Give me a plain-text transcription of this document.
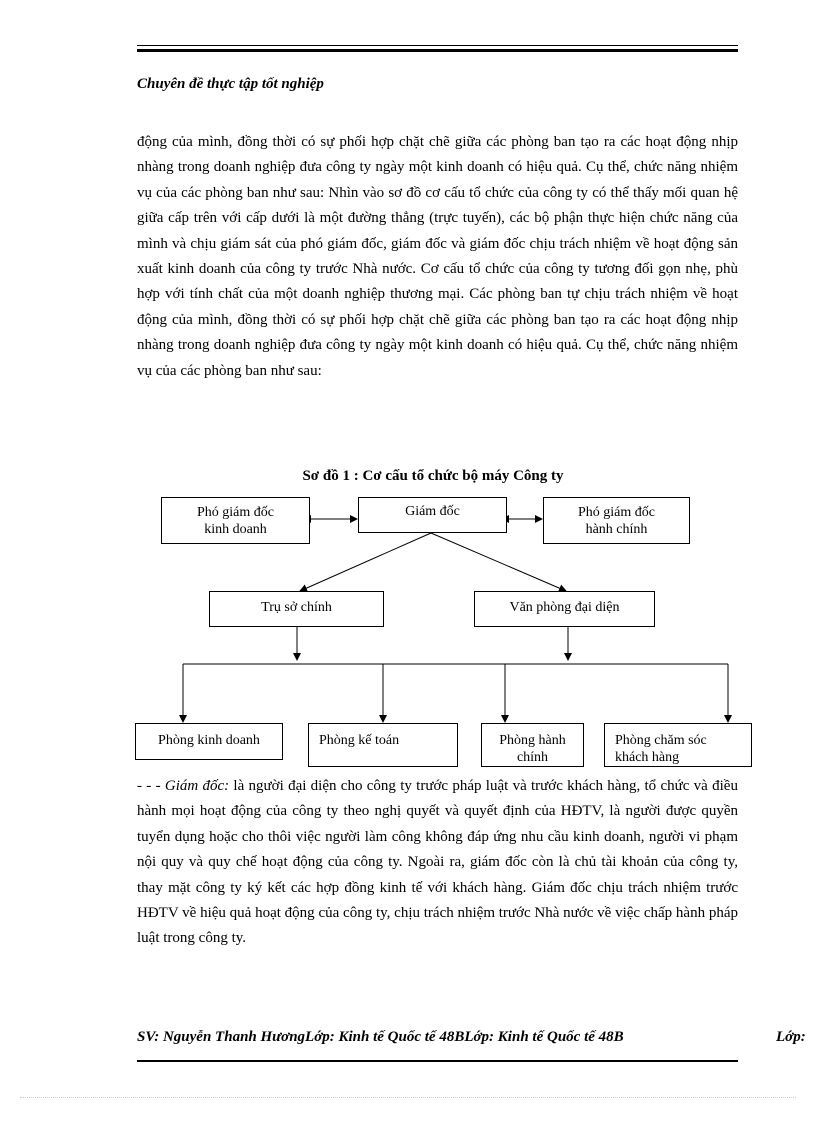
Chuyên đề thực tập tốt nghiệp

động của mình, đồng thời có sự phối hợp chặt chẽ giữa các phòng ban tạo ra các hoạt động nhịp nhàng trong doanh nghiệp đưa công ty ngày một kinh doanh có hiệu quả. Cụ thể, chức năng nhiệm vụ của các phòng ban như sau: Nhìn vào sơ đồ cơ cấu tổ chức của công ty có thể thấy mối quan hệ giữa cấp trên với cấp dưới là một đường thẳng (trực tuyến), các bộ phận thực hiện chức năng của mình và chịu giám sát của phó giám đốc, giám đốc và giám đốc chịu trách nhiệm về hoạt động sản xuất kinh doanh của công ty trước Nhà nước. Cơ cấu tổ chức của công ty tương đối gọn nhẹ, phù hợp với tính chất của một doanh nghiệp thương mại. Các phòng ban tự chịu trách nhiệm về hoạt động của mình, đồng thời có sự phối hợp chặt chẽ giữa các phòng ban tạo ra các hoạt động nhịp nhàng trong doanh nghiệp đưa công ty ngày một kinh doanh có hiệu quả. Cụ thể, chức năng nhiệm vụ của các phòng ban như sau:

Sơ đồ 1 : Cơ cấu tổ chức bộ máy Công ty
Phó giám đốc
kinh doanh
Giám đốc	Phó giám đốc
hành chính
Trụ sở chính	Văn phòng đại diện
Phòng kinh doanh	Phòng kế toán	Phòng hành
chính
Phòng chăm sóc
khách hàng

- - - Giám đốc: là người đại diện cho công ty trước pháp luật và trước khách hàng, tổ chức và điều hành mọi hoạt động của công ty theo nghị quyết và quyết định của HĐTV, là người được quyền tuyển dụng hoặc cho thôi việc người làm công không đáp ứng nhu cầu kinh doanh, người vi phạm nội quy và quy chế hoạt động của công ty. Ngoài ra, giám đốc còn là chủ tài khoản của công ty, thay mặt công ty ký kết các hợp đồng kinh tế với khách hàng. Giám đốc chịu trách nhiệm trước HĐTV về hiệu quả hoạt động của công ty, chịu trách nhiệm trước Nhà nước về việc chấp hành pháp luật trong công ty.

SV: Nguyễn Thanh HươngLớp: Kinh tế Quốc tế 48BLớp: Kinh tế Quốc tế 48B	Lớp:
